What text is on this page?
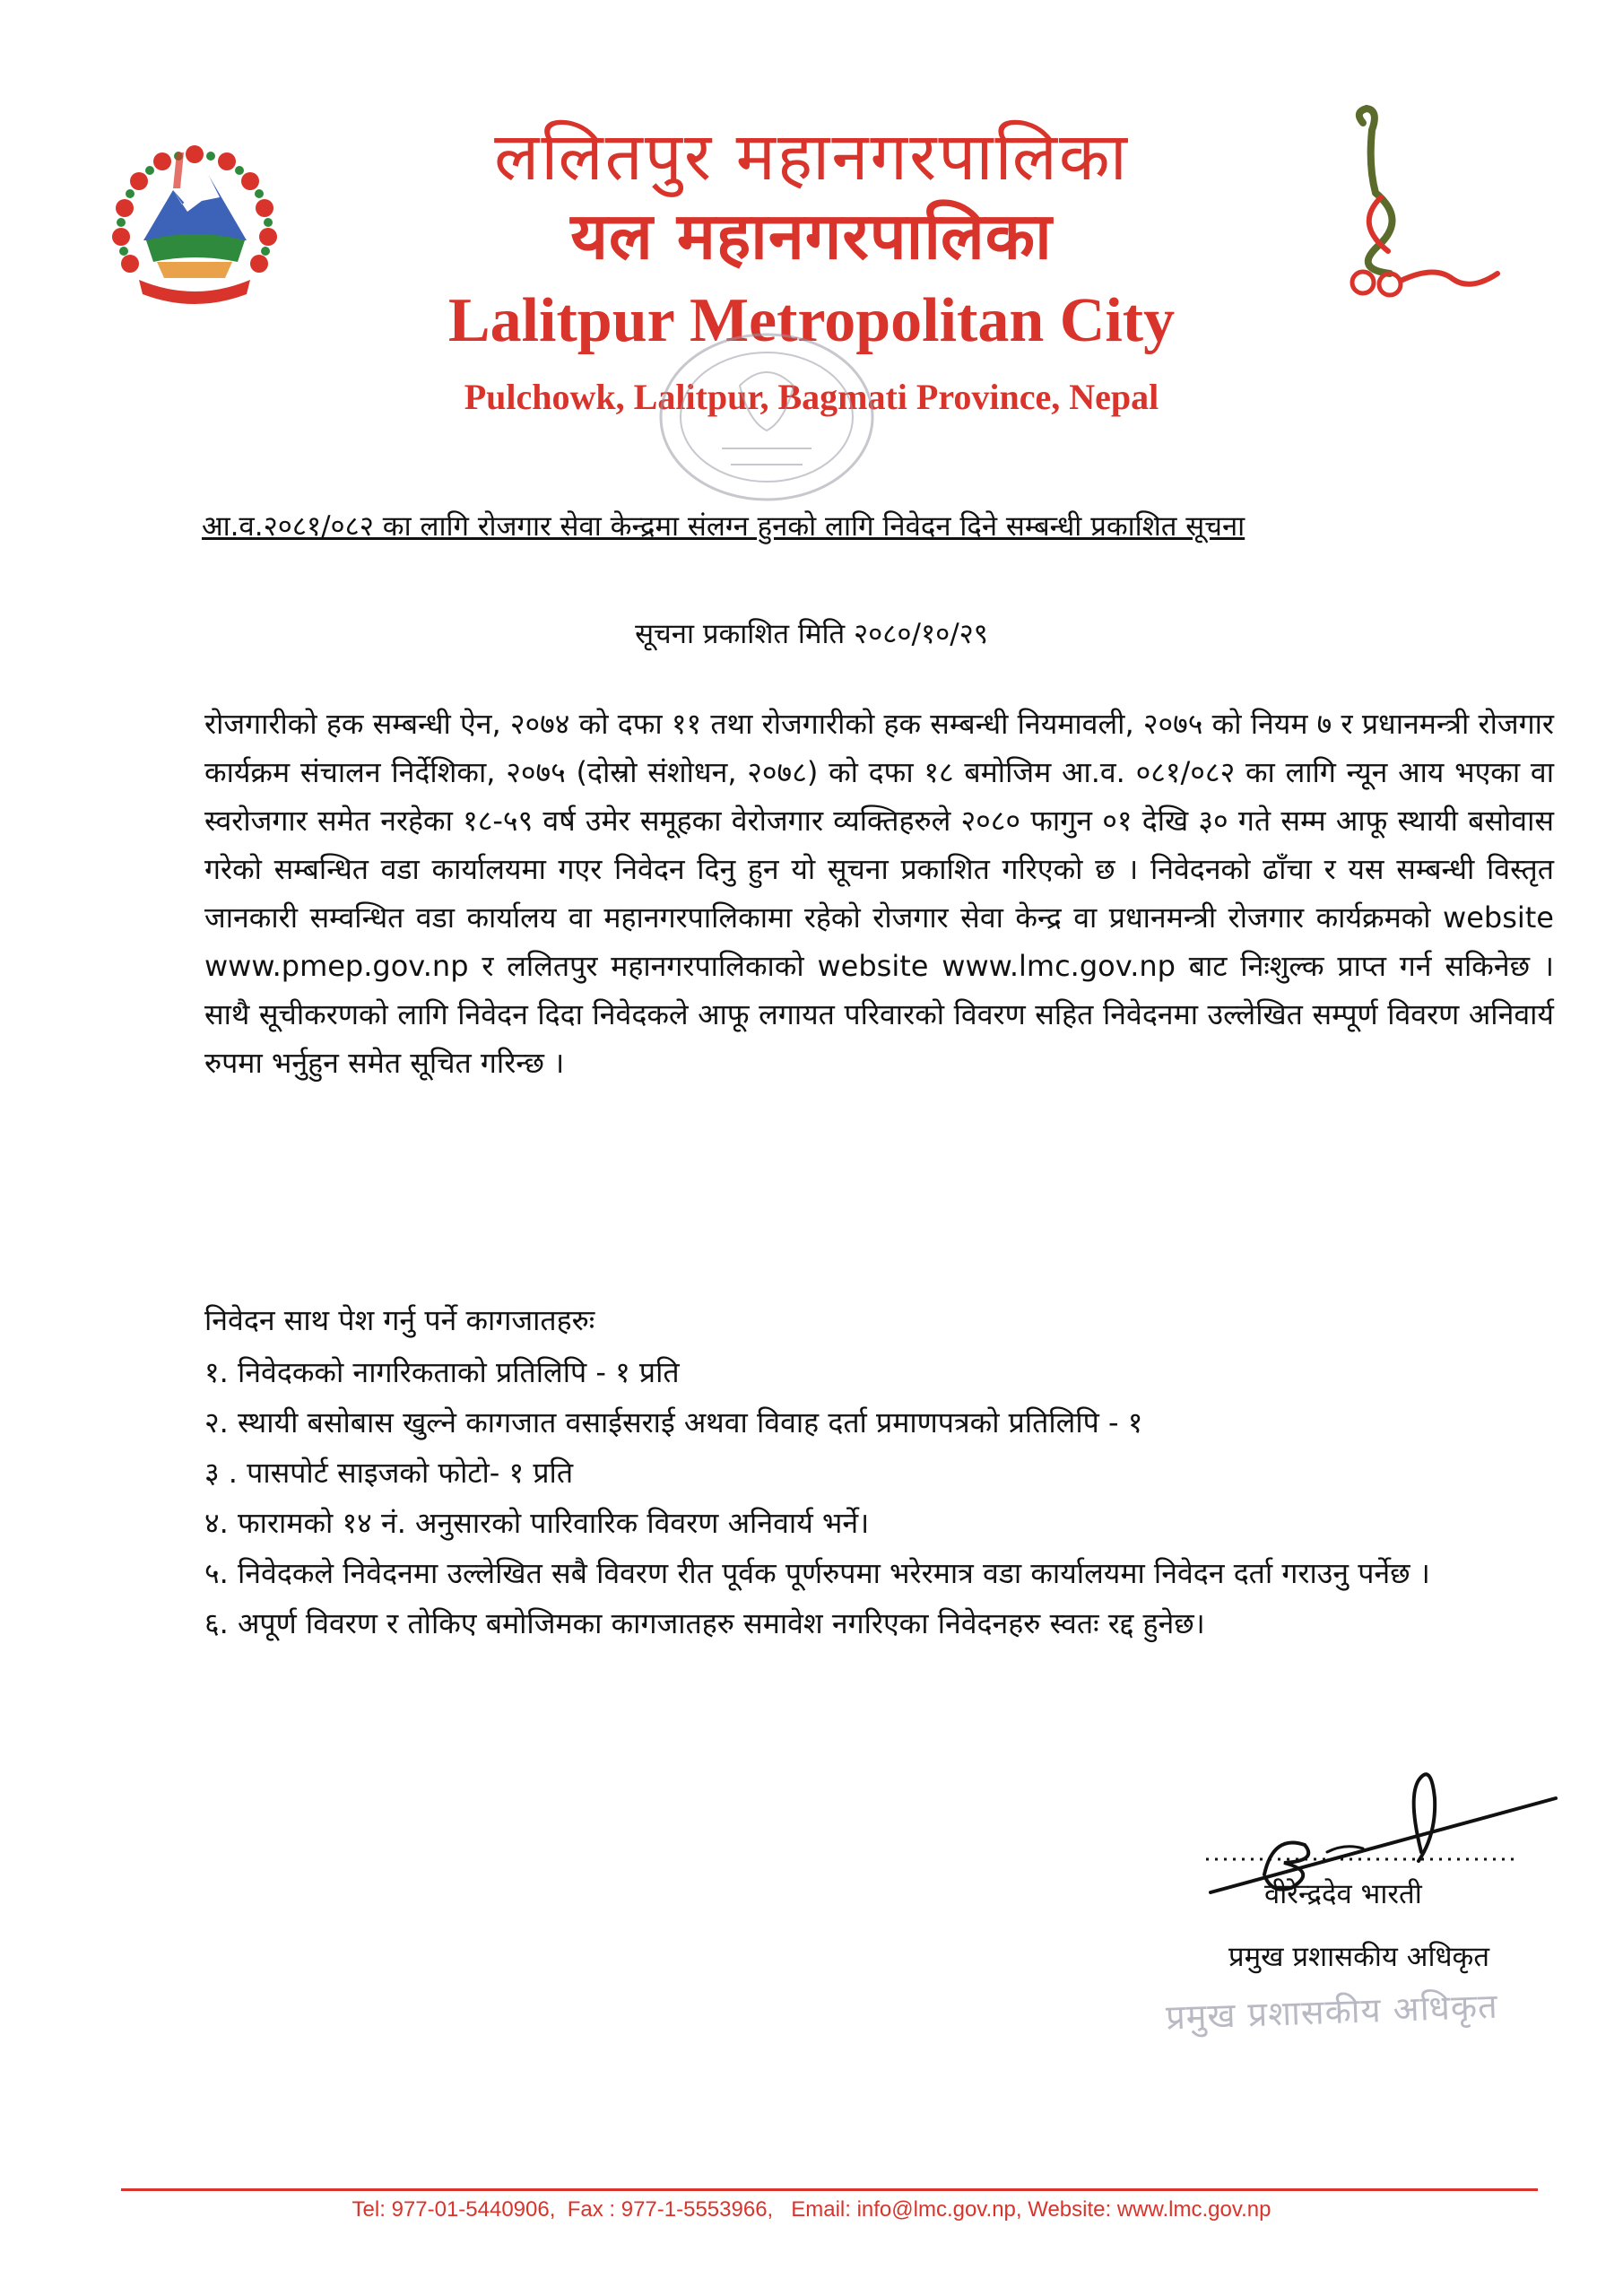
ललितपुर महानगरपालिका
यल महानगरपालिका
Lalitpur Metropolitan City
Pulchowk, Lalitpur, Bagmati Province, Nepal
आ.व.२०८१/०८२ का लागि रोजगार सेवा केन्द्रमा संलग्न हुनको लागि निवेदन दिने सम्बन्धी प्रकाशित सूचना
सूचना प्रकाशित मिति २०८०/१०/२९

रोजगारीको हक सम्बन्धी ऐन, २०७४ को दफा ११ तथा रोजगारीको हक सम्बन्धी नियमावली, २०७५ को नियम ७ र प्रधानमन्त्री रोजगार कार्यक्रम संचालन निर्देशिका, २०७५ (दोस्रो संशोधन, २०७८) को दफा १८ बमोजिम आ.व. ०८१/०८२ का लागि न्यून आय भएका वा स्वरोजगार समेत नरहेका १८-५९ वर्ष उमेर समूहका वेरोजगार व्यक्तिहरुले २०८० फागुन ०१ देखि ३० गते सम्म आफू स्थायी बसोवास गरेको सम्बन्धित वडा कार्यालयमा गएर निवेदन दिनु हुन यो सूचना प्रकाशित गरिएको छ । निवेदनको ढाँचा र यस सम्बन्धी विस्तृत जानकारी सम्वन्धित वडा कार्यालय वा महानगरपालिकामा रहेको रोजगार सेवा केन्द्र वा प्रधानमन्त्री रोजगार कार्यक्रमको website www.pmep.gov.np र ललितपुर महानगरपालिकाको website www.lmc.gov.np बाट निःशुल्क प्राप्त गर्न सकिनेछ । साथै सूचीकरणको लागि निवेदन दिदा निवेदकले आफू लगायत परिवारको विवरण सहित निवेदनमा उल्लेखित सम्पूर्ण विवरण अनिवार्य रुपमा भर्नुहुन समेत सूचित गरिन्छ ।

निवेदन साथ पेश गर्नु पर्ने कागजातहरुः
१. निवेदकको नागरिकताको प्रतिलिपि - १ प्रति
२. स्थायी बसोबास खुल्ने कागजात वसाईसराई अथवा विवाह दर्ता प्रमाणपत्रको प्रतिलिपि - १
३ . पासपोर्ट साइजको फोटो- १ प्रति
४. फारामको १४ नं. अनुसारको पारिवारिक विवरण अनिवार्य भर्ने।
५. निवेदकले निवेदनमा उल्लेखित सबै विवरण रीत पूर्वक पूर्णरुपमा भरेरमात्र वडा कार्यालयमा निवेदन दर्ता गराउनु पर्नेछ ।
६. अपूर्ण विवरण र तोकिए बमोजिमका कागजातहरु समावेश नगरिएका निवेदनहरु स्वतः रद्द हुनेछ।
वीरेन्द्रदेव भारती
प्रमुख प्रशासकीय अधिकृत
प्रमुख प्रशासकीय अधिकृत
Tel: 977-01-5440906,  Fax : 977-1-5553966,   Email: info@lmc.gov.np, Website: www.lmc.gov.np
